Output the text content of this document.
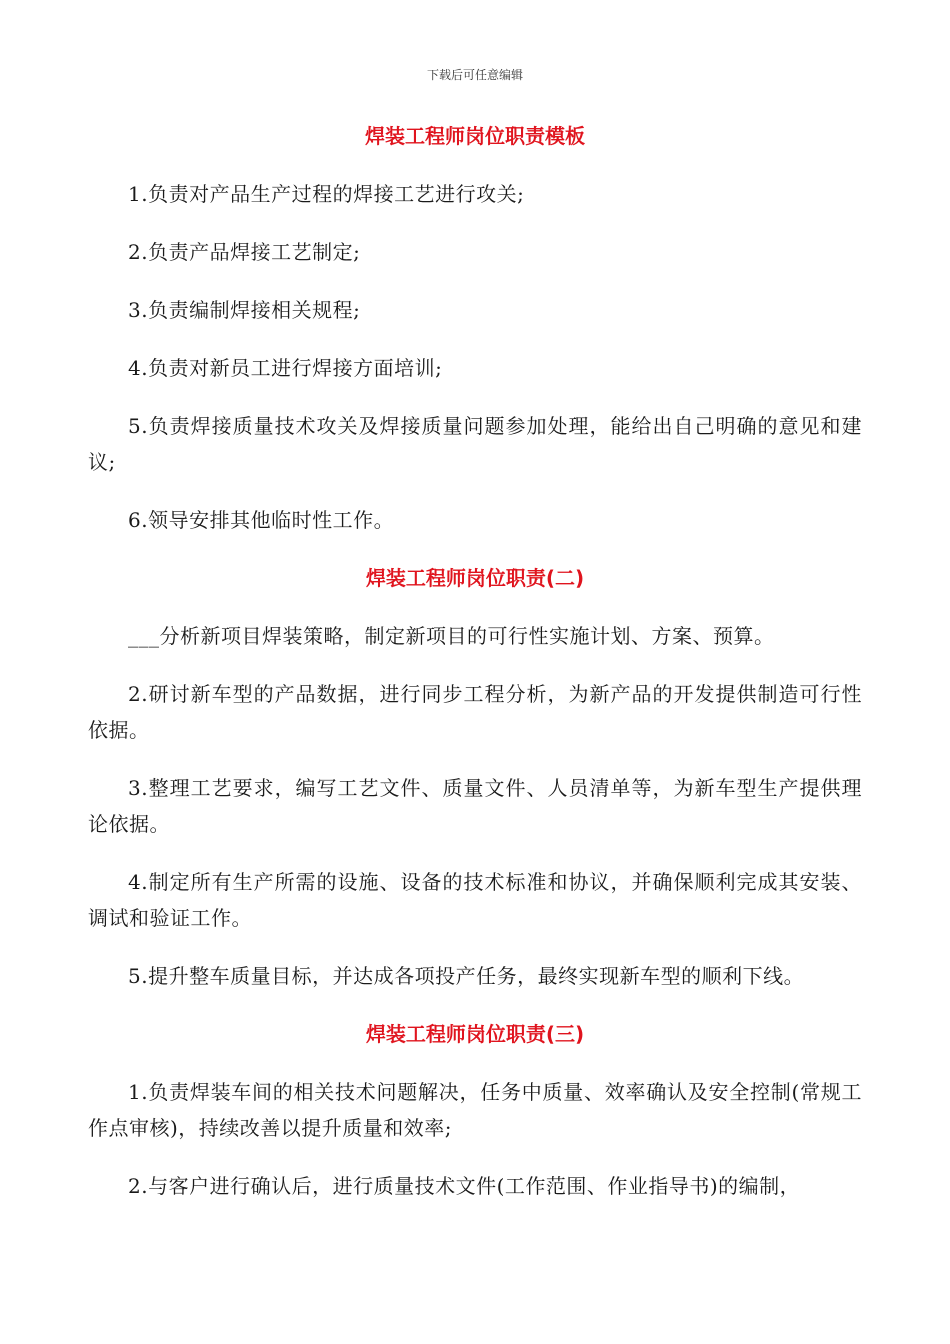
下载后可任意编辑
焊装工程师岗位职责模板

1.负责对产品生产过程的焊接工艺进行攻关;

2.负责产品焊接工艺制定;

3.负责编制焊接相关规程;

4.负责对新员工进行焊接方面培训;

5.负责焊接质量技术攻关及焊接质量问题参加处理，能给出自己明确的意见和建议;

6.领导安排其他临时性工作。

焊装工程师岗位职责(二)

___分析新项目焊装策略，制定新项目的可行性实施计划、方案、预算。

2.研讨新车型的产品数据，进行同步工程分析，为新产品的开发提供制造可行性依据。

3.整理工艺要求，编写工艺文件、质量文件、人员清单等，为新车型生产提供理论依据。

4.制定所有生产所需的设施、设备的技术标准和协议，并确保顺利完成其安装、调试和验证工作。

5.提升整车质量目标，并达成各项投产任务，最终实现新车型的顺利下线。

焊装工程师岗位职责(三)

1.负责焊装车间的相关技术问题解决，任务中质量、效率确认及安全控制(常规工作点审核)，持续改善以提升质量和效率;

2.与客户进行确认后，进行质量技术文件(工作范围、作业指导书)的编制，
